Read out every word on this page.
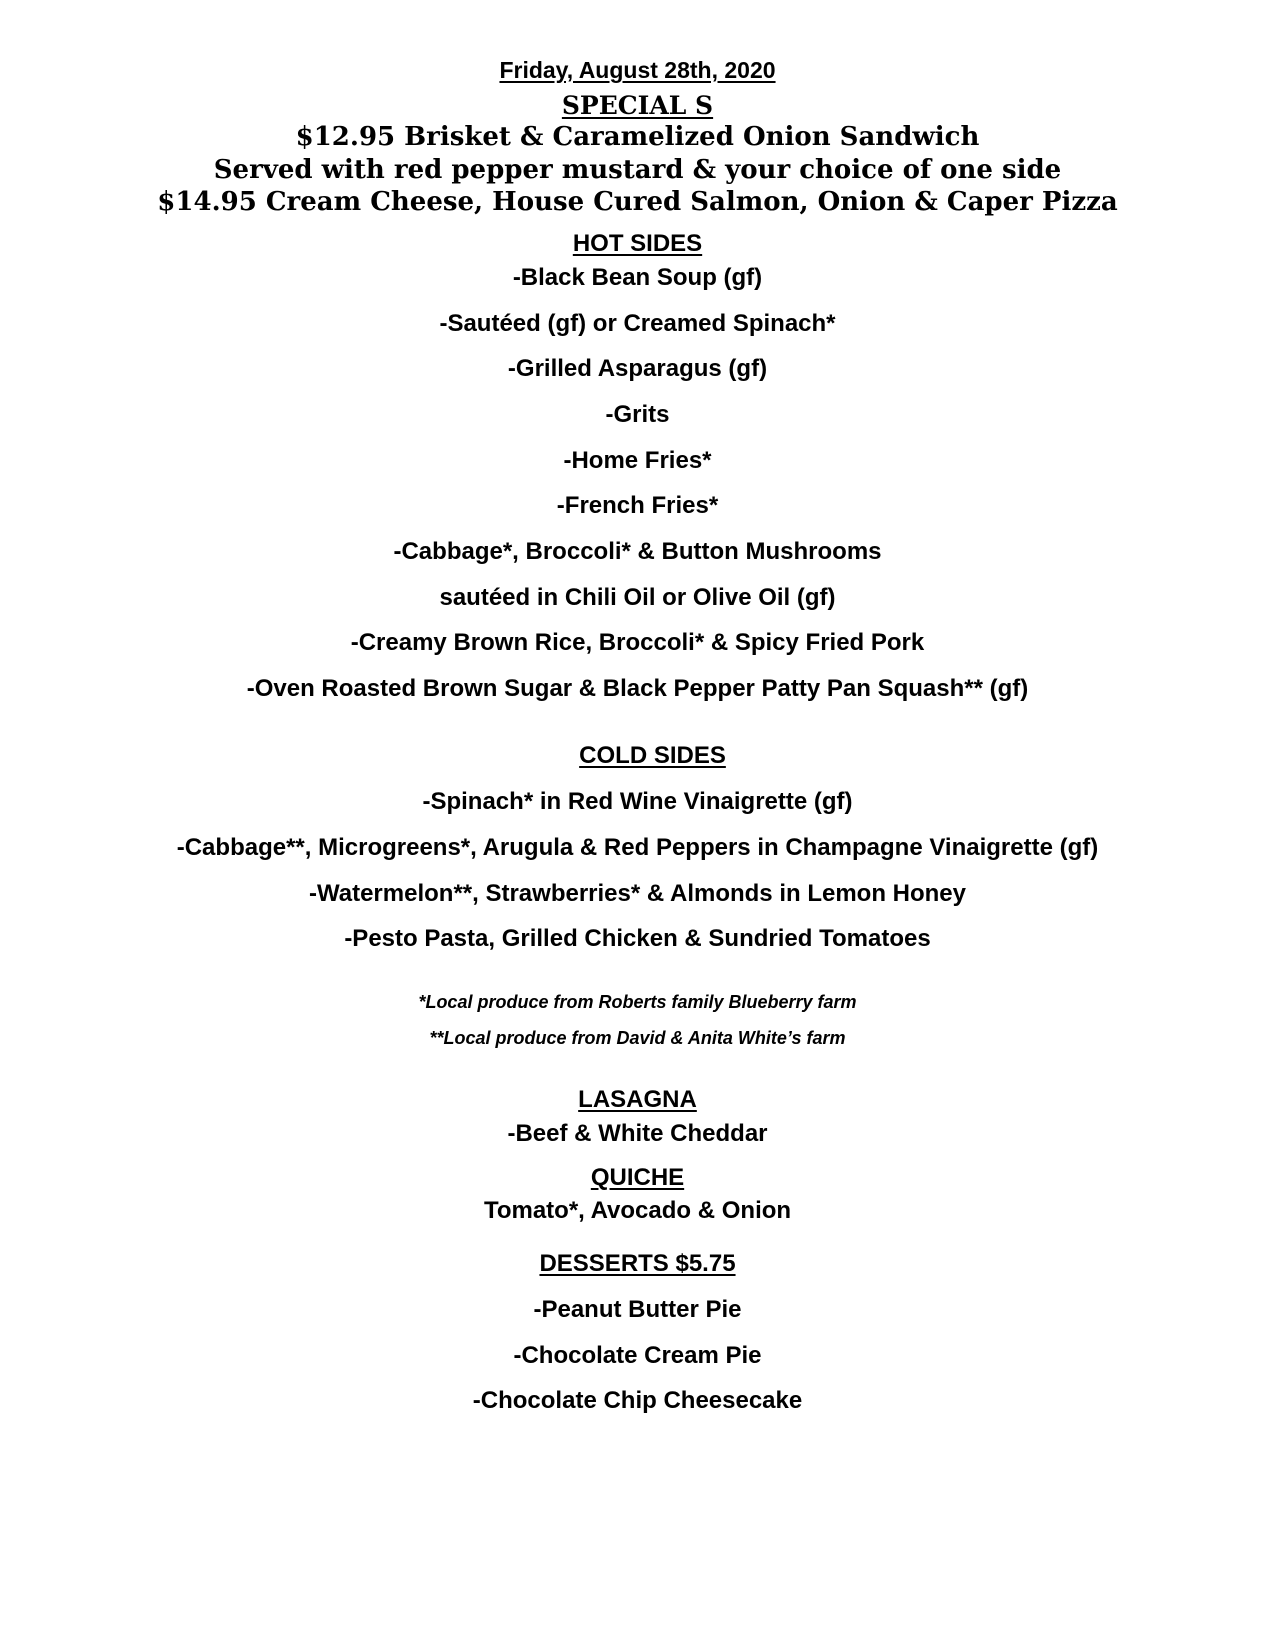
Friday, August 28th, 2020
SPECIAL S
$12.95 Brisket & Caramelized Onion Sandwich
Served with red pepper mustard & your choice of one side
$14.95 Cream Cheese, House Cured Salmon, Onion & Caper Pizza
HOT SIDES
-Black Bean Soup (gf)
-Sautéed (gf) or Creamed Spinach*
-Grilled Asparagus (gf)
-Grits
-Home Fries*
-French Fries*
-Cabbage*, Broccoli* & Button Mushrooms
sautéed in Chili Oil or Olive Oil (gf)
-Creamy Brown Rice, Broccoli* & Spicy Fried Pork
-Oven Roasted Brown Sugar & Black Pepper Patty Pan Squash** (gf)
COLD SIDES
-Spinach* in Red Wine Vinaigrette (gf)
-Cabbage**, Microgreens*, Arugula & Red Peppers in Champagne Vinaigrette (gf)
-Watermelon**, Strawberries* & Almonds in Lemon Honey
-Pesto Pasta, Grilled Chicken & Sundried Tomatoes
*Local produce from Roberts family Blueberry farm
**Local produce from David & Anita White’s farm
LASAGNA
-Beef & White Cheddar
QUICHE
Tomato*, Avocado & Onion
DESSERTS $5.75
-Peanut Butter Pie
-Chocolate Cream Pie
-Chocolate Chip Cheesecake
